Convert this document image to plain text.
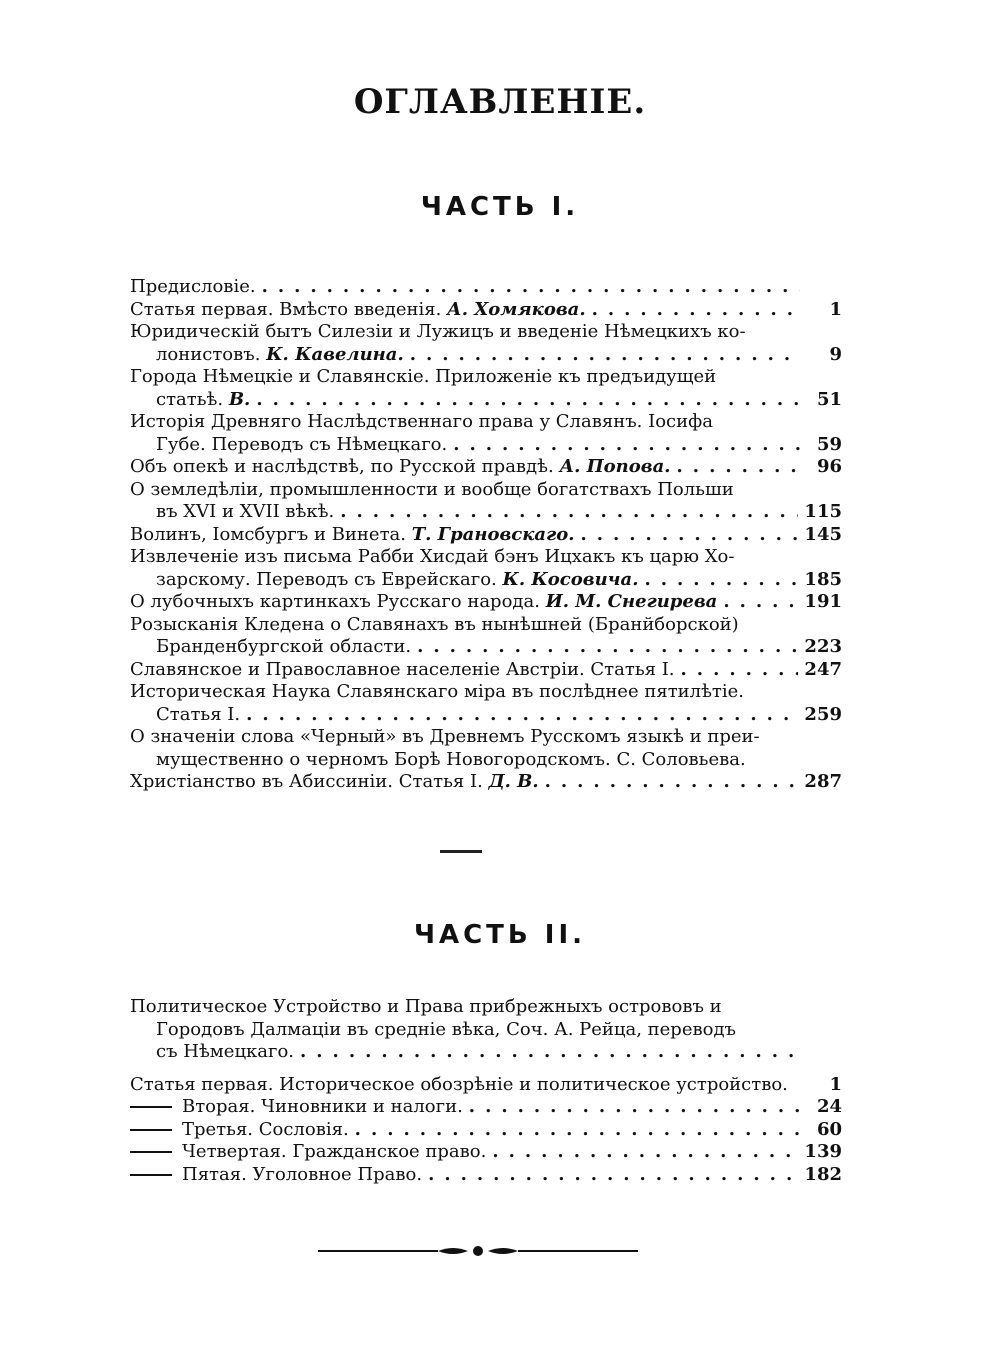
ОГЛАВЛЕНІЕ.
ЧАСТЬ I.
Предисловіе.
.....
Статья первая. Вмѣсто введенія. А. Хомякова. .....	1
Юридическій бытъ Силезіи и Лужицъ и введеніе Нѣмецкихъ ко-
лонистовъ. К. Кавелина. .....	9
Города Нѣмецкіе и Славянскіе. Приложеніе къ предъидущей
статьѣ. В. .....	51
Исторія Древняго Наслѣдственнаго права у Славянъ. Іосифа
Губе. Переводъ съ Нѣмецкаго. .....	59
Объ опекѣ и наслѣдствѣ, по Русской правдѣ. А. Попова. .....	96
О земледѣліи, промышленности и вообще богатствахъ Польши
въ XVI и XVII вѣкѣ. .....	115
Волинъ, Іомсбургъ и Винета. Т. Грановскаго. .....	145
Извлеченіе изъ письма Рабби Хисдай бэнъ Ицхакъ къ царю Хо-
зарскому. Переводъ съ Еврейскаго. К. Косовича. .....	185
О лубочныхъ картинкахъ Русскаго народа. И. М. Снегирева .....	191
Розысканія Кледена о Славянахъ въ нынѣшней (Бранйборской)
Бранденбургской области. .....	223
Славянское и Православное населеніе Австріи. Статья I. .....	247
Историческая Наука Славянскаго міра въ послѣднее пятилѣтіе.
Статья I. .....	259
О значеніи слова «Черный» въ Древнемъ Русскомъ языкѣ и преи-
мущественно о черномъ Борѣ Новогородскомъ. С. Соловьева.
Христіанство въ Абиссиніи. Статья I. Д. В. .....	287
ЧАСТЬ II.
Политическое Устройство и Права прибрежныхъ острововъ и
Городовъ Далмаціи въ средніе вѣка, Соч. А. Рейца, переводъ
съ Нѣмецкаго.
.....
Статья первая. Историческое обозрѣніе и политическое устройство.	1
Вторая. Чиновники и налоги. .....	24
Третья. Сословія. .....	60
Четвертая. Гражданское право. .....	139
Пятая. Уголовное Право. .....	182
